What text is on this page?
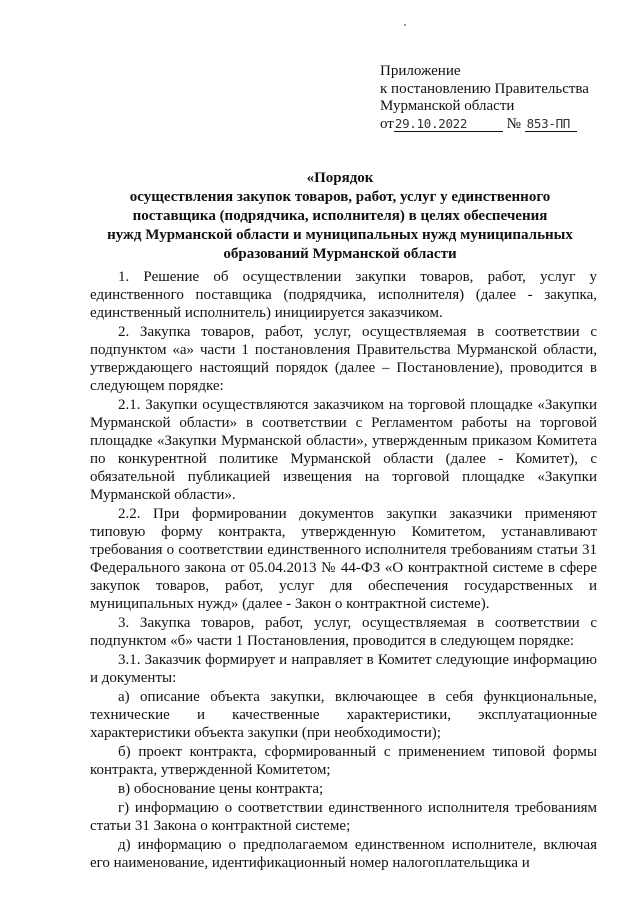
Приложение
к постановлению Правительства
Мурманской области
от29.10.2022	№ 853-ПП
«Порядок
осуществления закупок товаров, работ, услуг у единственного
поставщика (подрядчика, исполнителя) в целях обеспечения
нужд Мурманской области и муниципальных нужд муниципальных
образований Мурманской области

1. Решение об осуществлении закупки товаров, работ, услуг у единственного поставщика (подрядчика, исполнителя) (далее - закупка, единственный исполнитель) инициируется заказчиком.

2. Закупка товаров, работ, услуг, осуществляемая в соответствии с подпунктом «а» части 1 постановления Правительства Мурманской области, утверждающего настоящий порядок (далее – Постановление), проводится в следующем порядке:

2.1. Закупки осуществляются заказчиком на торговой площадке «Закупки Мурманской области» в соответствии с Регламентом работы на торговой площадке «Закупки Мурманской области», утвержденным приказом Комитета по конкурентной политике Мурманской области (далее - Комитет), с обязательной публикацией извещения на торговой площадке «Закупки Мурманской области».

2.2. При формировании документов закупки заказчики применяют типовую форму контракта, утвержденную Комитетом, устанавливают требования о соответствии единственного исполнителя требованиям статьи 31 Федерального закона от 05.04.2013 № 44-ФЗ «О контрактной системе в сфере закупок товаров, работ, услуг для обеспечения государственных и муниципальных нужд» (далее - Закон о контрактной системе).

3. Закупка товаров, работ, услуг, осуществляемая в соответствии с подпунктом «б» части 1 Постановления, проводится в следующем порядке:

3.1. Заказчик формирует и направляет в Комитет следующие информацию и документы:

а) описание объекта закупки, включающее в себя функциональные, технические и качественные характеристики, эксплуатационные характеристики объекта закупки (при необходимости);

б) проект контракта, сформированный с применением типовой формы контракта, утвержденной Комитетом;

в) обоснование цены контракта;

г) информацию о соответствии единственного исполнителя требованиям статьи 31 Закона о контрактной системе;

д) информацию о предполагаемом единственном исполнителе, включая его наименование, идентификационный номер налогоплательщика и
